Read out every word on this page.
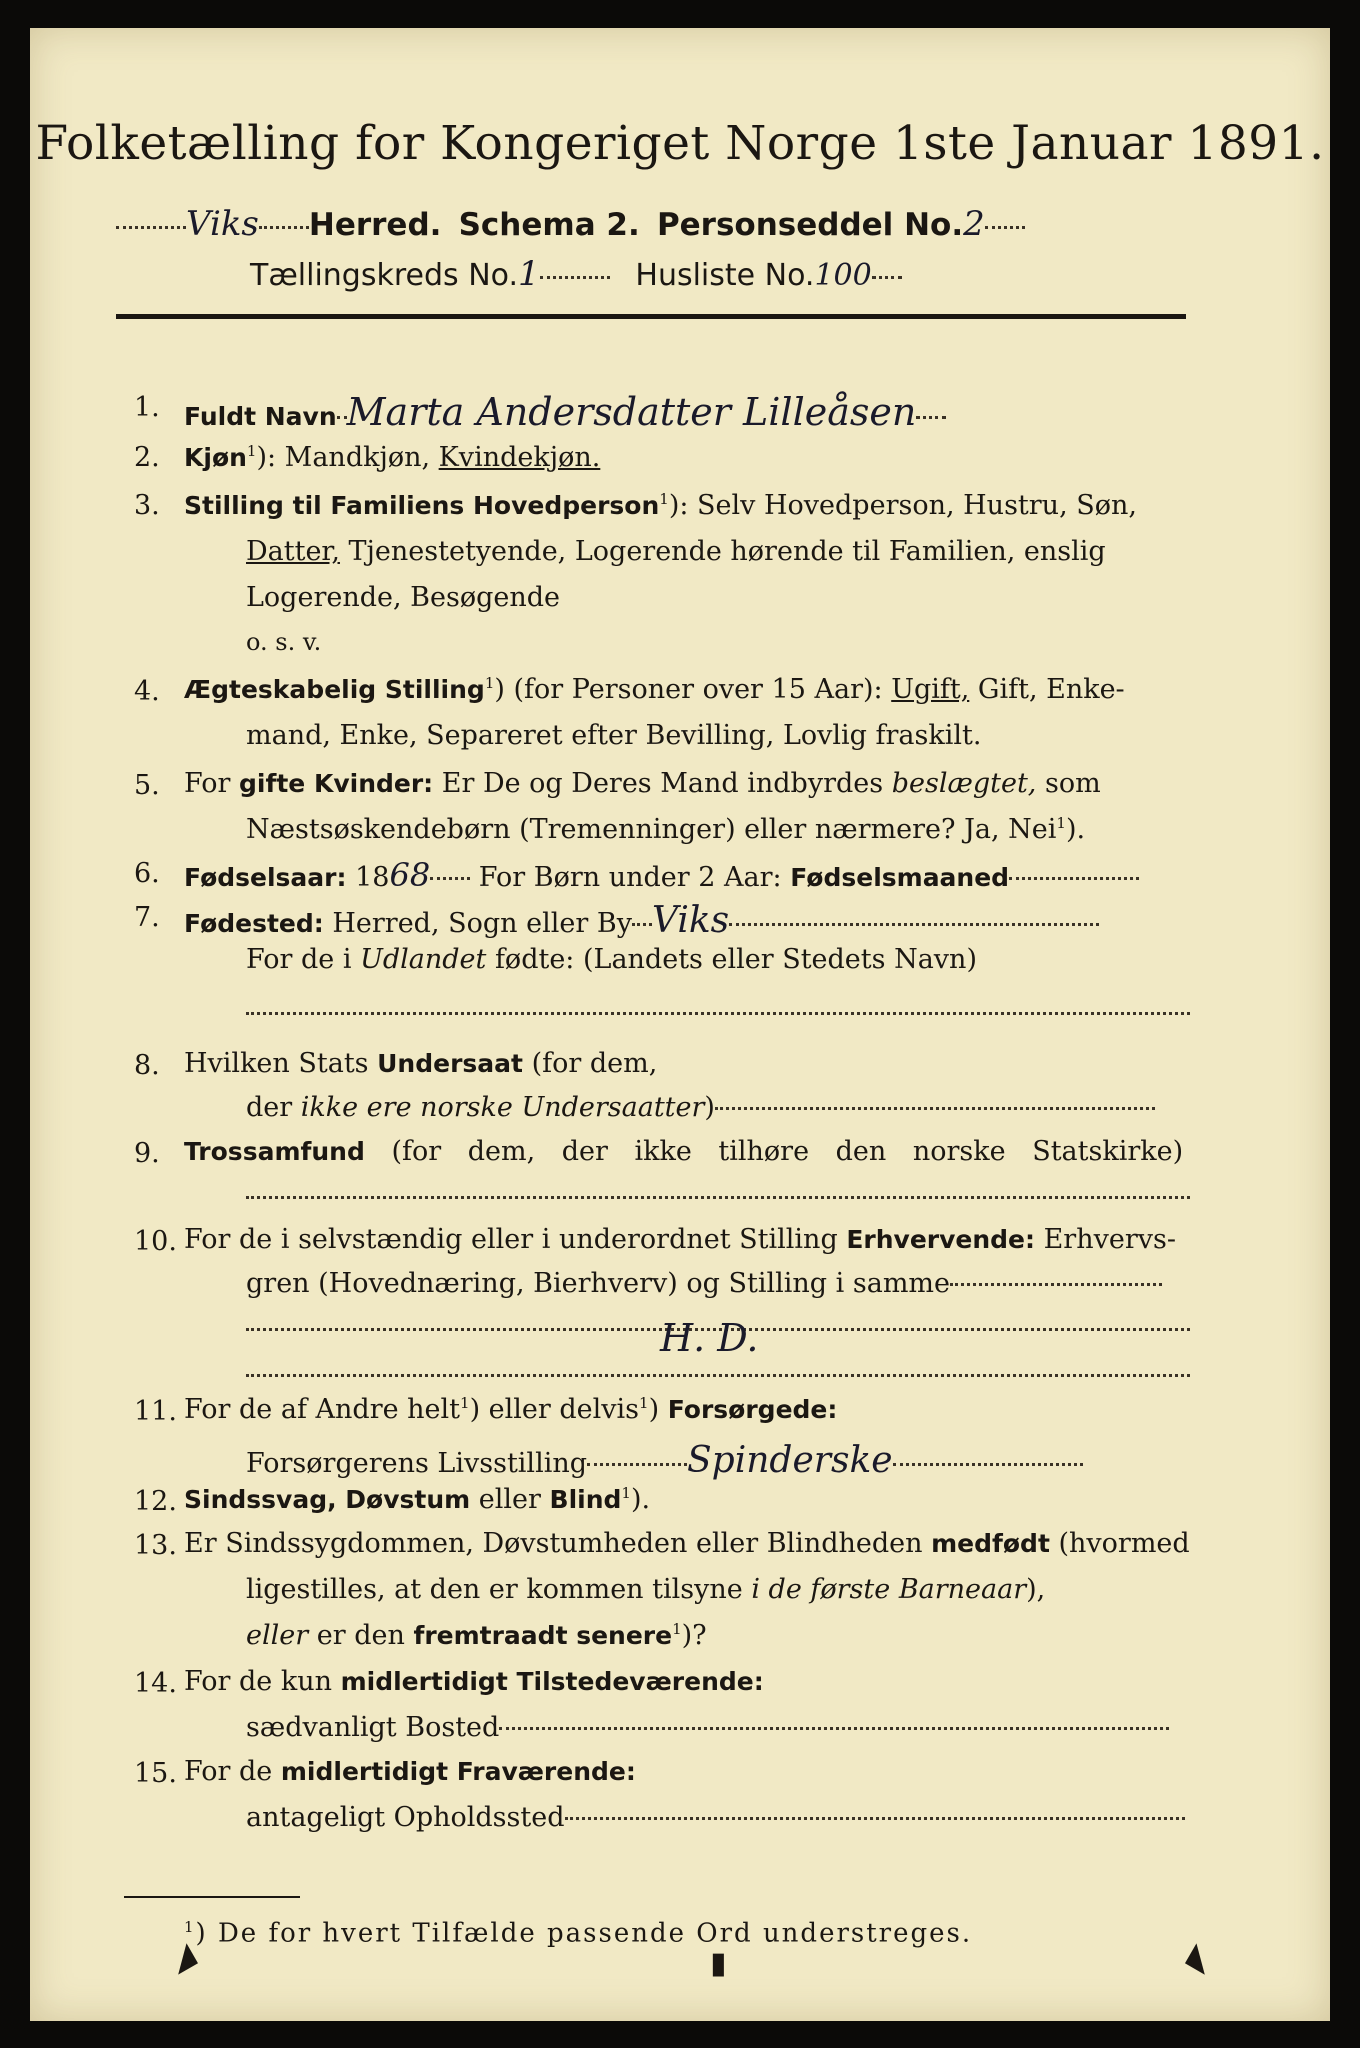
Folketælling for Kongeriget Norge 1ste Januar 1891.
Viks Herred. Schema 2. Personseddel No.2
Tællingskreds No.1	Husliste No.100
1. Fuldt Navn Marta Andersdatter Lilleåsen
2. Kjøn$^1$): Mandkjøn, Kvindekjøn.
3. Stilling til Familiens Hovedperson$^1$): Selv Hovedperson, Hustru, Søn,
Datter, Tjenestetyende, Logerende hørende til Familien, enslig
Logerende, Besøgende
o. s. v.
4. Ægteskabelig Stilling$^1$) (for Personer over 15 Aar): Ugift, Gift, Enke-
mand, Enke, Separeret efter Bevilling, Lovlig fraskilt.
5. For gifte Kvinder: Er De og Deres Mand indbyrdes beslægtet, som
Næstsøskendebørn (Tremenninger) eller nærmere? Ja, Nei$^1$).
6. Fødselsaar: 1868 For Børn under 2 Aar: Fødselsmaaned
7. Fødested: Herred, Sogn eller By Viks
For de i Udlandet fødte: (Landets eller Stedets Navn)
8. Hvilken Stats Undersaat (for dem,
der ikke ere norske Undersaatter)
9. Trossamfund (for dem, der ikke tilhøre den norske Statskirke)
10. For de i selvstændig eller i underordnet Stilling Erhvervende: Erhvervs-
gren (Hovednæring, Bierhverv) og Stilling i samme
H. D.
11. For de af Andre helt$^1$) eller delvis$^1$) Forsørgede:
Forsørgerens Livsstilling	Spinderske
12. Sindssvag, Døvstum eller Blind$^1$).
13. Er Sindssygdommen, Døvstumheden eller Blindheden medfødt (hvormed
ligestilles, at den er kommen tilsyne i de første Barneaar),
eller er den fremtraadt senere$^1$)?
14. For de kun midlertidigt Tilstedeværende:
sædvanligt Bosted
15. For de midlertidigt Fraværende:
antageligt Opholdssted
$^1$) De for hvert Tilfælde passende Ord understreges.
◢	▮	◣
